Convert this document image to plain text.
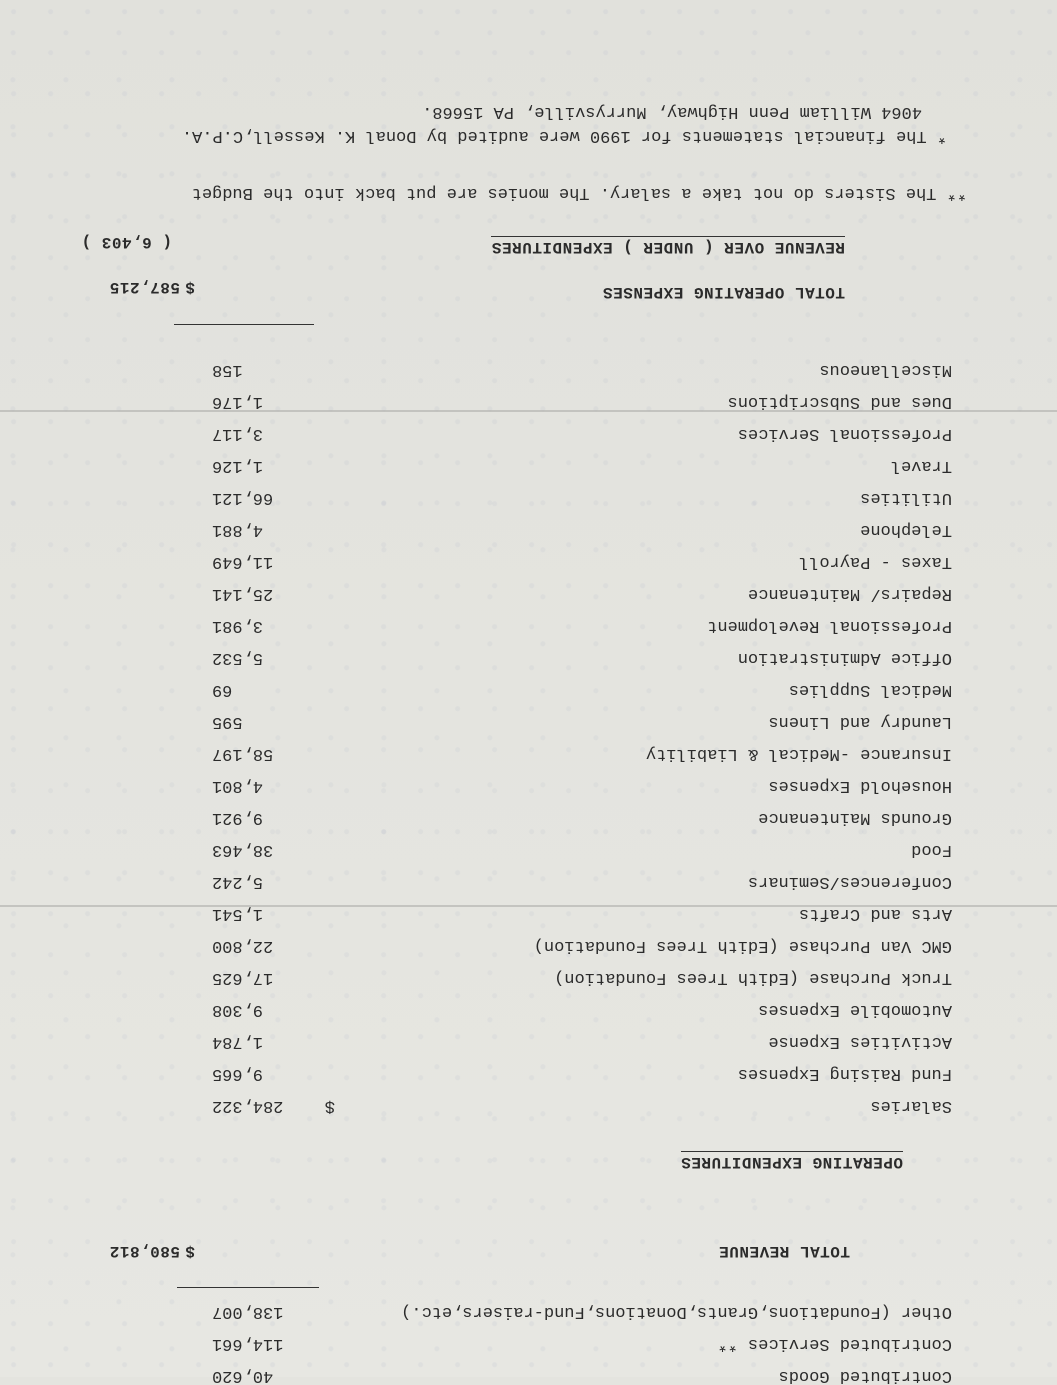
Contributed Goods
40,620
Contributed Services **
114,661
Other (Foundations,Grants,Donations,Fund-raisers,etc.)
138,007
TOTAL REVENUE
$
580,812
OPERATING EXPENDITURES
Salaries
$
284,322
Fund Raising Expenses
9,665
Activities Expense
1,784
Automobile Expenses
9,308
Truck Purchase (Edith Trees Foundation)
17,625
GMC Van Purchase (Edith Trees Foundation)
22,800
Arts and Crafts
1,541
Conferences/Seminars
5,242
Food
38,463
Grounds Maintenance
9,921
Household Expenses
4,801
Insurance -Medical & Liability
58,197
Laundry and Linens
595
Medical Supplies
69
Office Administration
5,532
Professional Revelopment
3,981
Repairs/ Maintenance
25,141
Taxes - Payroll
11,649
Telephone
4,881
Utilities
66,121
Travel
1,126
Professional Services
3,117
Dues and Subscriptions
1,176
Miscellaneous
158
TOTAL OPERATING EXPENSES
$
587,215
REVENUE OVER ( UNDER ) EXPENDITURES
( 6,403 )
** The Sisters do not take a salary. The monies are put back into the Budget
* The financial statements for 1990 were audited by Donal K. Kessell,C.P.A.
4064 William Penn Highway, Murrysville, PA 15668.
